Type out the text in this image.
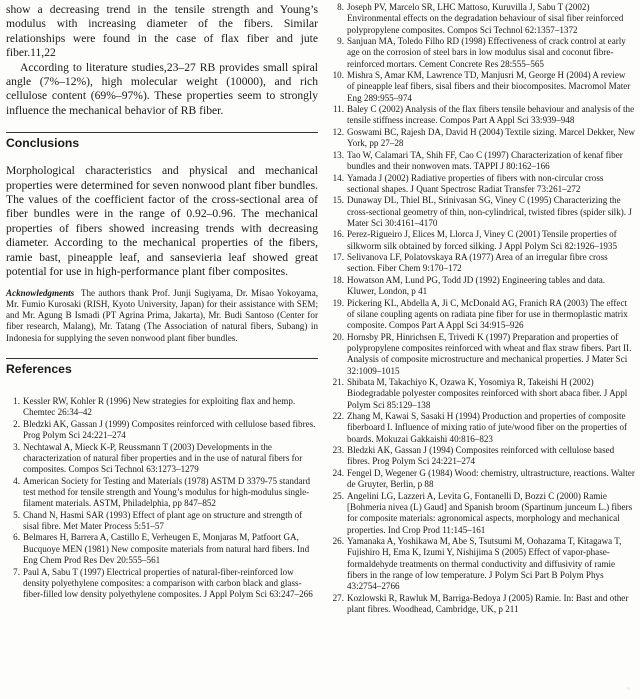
show a decreasing trend in the tensile strength and Young’s modulus with increasing diameter of the fibers. Similar relationships were found in the case of flax fiber and jute fiber.11,22

According to literature studies,23–27 RB provides small spiral angle (7%–12%), high molecular weight (10000), and rich cellulose content (69%–97%). These properties seem to strongly influence the mechanical behavior of RB fiber.

Conclusions

Morphological characteristics and physical and mechanical properties were determined for seven nonwood plant fiber bundles. The values of the coefficient factor of the cross-sectional area of fiber bundles were in the range of 0.92–0.96. The mechanical properties of fibers showed increasing trends with decreasing diameter. According to the mechanical properties of the fibers, ramie bast, pineapple leaf, and sansevieria leaf showed great potential for use in high-performance plant fiber composites.

Acknowledgments The authors thank Prof. Junji Sugiyama, Dr. Misao Yokoyama, Mr. Fumio Kurosaki (RISH, Kyoto University, Japan) for their assistance with SEM; and Mr. Agung B Ismadi (PT Agrina Prima, Jakarta), Mr. Budi Santoso (Center for fiber research, Malang), Mr. Tatang (The Association of natural fibers, Subang) in Indonesia for supplying the seven nonwood plant fiber bundles.

References
1. Kessler RW, Kohler R (1996) New strategies for exploiting flax and hemp. Chemtec 26:34–42
2. Bledzki AK, Gassan J (1999) Composites reinforced with cellulose based fibres. Prog Polym Sci 24:221–274
3. Nechtawal A, Mieck K-P, Reussmann T (2003) Developments in the characterization of natural fiber properties and in the use of natural fibers for composites. Compos Sci Technol 63:1273–1279
4. American Society for Testing and Materials (1978) ASTM D 3379-75 standard test method for tensile strength and Young’s modulus for high-modulus single-filament materials. ASTM, Philadelphia, pp 847–852
5. Chand N, Hasmi SAR (1993) Effect of plant age on structure and strength of sisal fibre. Met Mater Process 5:51–57
6. Belmares H, Barrera A, Castillo E, Verheugen E, Monjaras M, Patfoort GA, Bucquoye MEN (1981) New composite materials from natural hard fibers. Ind Eng Chem Prod Res Dev 20:555–561
7. Paul A, Sabu T (1997) Electrical properties of natural-fiber-reinforced low density polyethylene composites: a comparison with carbon black and glass-fiber-filled low density polyethylene composites. J Appl Polym Sci 63:247–266
8. Joseph PV, Marcelo SR, LHC Mattoso, Kuruvilla J, Sabu T (2002) Environmental effects on the degradation behaviour of sisal fiber reinforced polypropylene composites. Compos Sci Technol 62:1357–1372
9. Sanjuan MA, Toledo Filho RD (1998) Effectiveness of crack control at early age on the corrosion of steel bars in low modulus sisal and coconut fibre-reinforced mortars. Cement Concrete Res 28:555–565
10. Mishra S, Amar KM, Lawrence TD, Manjusri M, George H (2004) A review of pineapple leaf fibers, sisal fibers and their biocomposites. Macromol Mater Eng 289:955–974
11. Baley C (2002) Analysis of the flax fibers tensile behaviour and analysis of the tensile stiffness increase. Compos Part A Appl Sci 33:939–948
12. Goswami BC, Rajesh DA, David H (2004) Textile sizing. Marcel Dekker, New York, pp 27–28
13. Tao W, Calamari TA, Shih FF, Cao C (1997) Characterization of kenaf fiber bundles and their nonwoven mats. TAPPI J 80:162–166
14. Yamada J (2002) Radiative properties of fibers with non-circular cross sectional shapes. J Quant Spectrosc Radiat Transfer 73:261–272
15. Dunaway DL, Thiel BL, Srinivasan SG, Viney C (1995) Characterizing the cross-sectional geometry of thin, non-cylindrical, twisted fibres (spider silk). J Mater Sci 30:4161–4170
16. Perez-Rigueiro J, Elices M, Llorca J, Viney C (2001) Tensile properties of silkworm silk obtained by forced silking. J Appl Polym Sci 82:1926–1935
17. Selivanova LF, Polatovskaya RA (1977) Area of an irregular fibre cross section. Fiber Chem 9:170–172
18. Howatson AM, Lund PG, Todd JD (1992) Engineering tables and data. Kluwer, London, p 41
19. Pickering KL, Abdella A, Ji C, McDonald AG, Franich RA (2003) The effect of silane coupling agents on radiata pine fiber for use in thermoplastic matrix composite. Compos Part A Appl Sci 34:915–926
20. Hornsby PR, Hinrichsen E, Trivedi K (1997) Preparation and properties of polypropylene composites reinforced with wheat and flax straw fibers. Part II. Analysis of composite microstructure and mechanical properties. J Mater Sci 32:1009–1015
21. Shibata M, Takachiyo K, Ozawa K, Yosomiya R, Takeishi H (2002) Biodegradable polyester composites reinforced with short abaca fiber. J Appl Polym Sci 85:129–138
22. Zhang M, Kawai S, Sasaki H (1994) Production and properties of composite fiberboard I. Influence of mixing ratio of jute/wood fiber on the properties of boards. Mokuzai Gakkaishi 40:816–823
23. Bledzki AK, Gassan J (1994) Composites reinforced with cellulose based fibres. Prog Polym Sci 24:221–274
24. Fengel D, Wegener G (1984) Wood: chemistry, ultrastructure, reactions. Walter de Gruyter, Berlin, p 88
25. Angelini LG, Lazzeri A, Levita G, Fontanelli D, Bozzi C (2000) Ramie [Bohmeria nivea (L) Gaud] and Spanish broom (Spartinum junceum L.) fibers for composite materials: agronomical aspects, morphology and mechanical properties. Ind Crop Prod 11:145–161
26. Yamanaka A, Yoshikawa M, Abe S, Tsutsumi M, Oohazama T, Kitagawa T, Fujishiro H, Ema K, Izumi Y, Nishijima S (2005) Effect of vapor-phase-formaldehyde treatments on thermal conductivity and diffusivity of ramie fibers in the range of low temperature. J Polym Sci Part B Polym Phys 43:2754–2766
27. Kozlowski R, Rawluk M, Barriga-Bedoya J (2005) Ramie. In: Bast and other plant fibres. Woodhead, Cambridge, UK, p 211
◦
